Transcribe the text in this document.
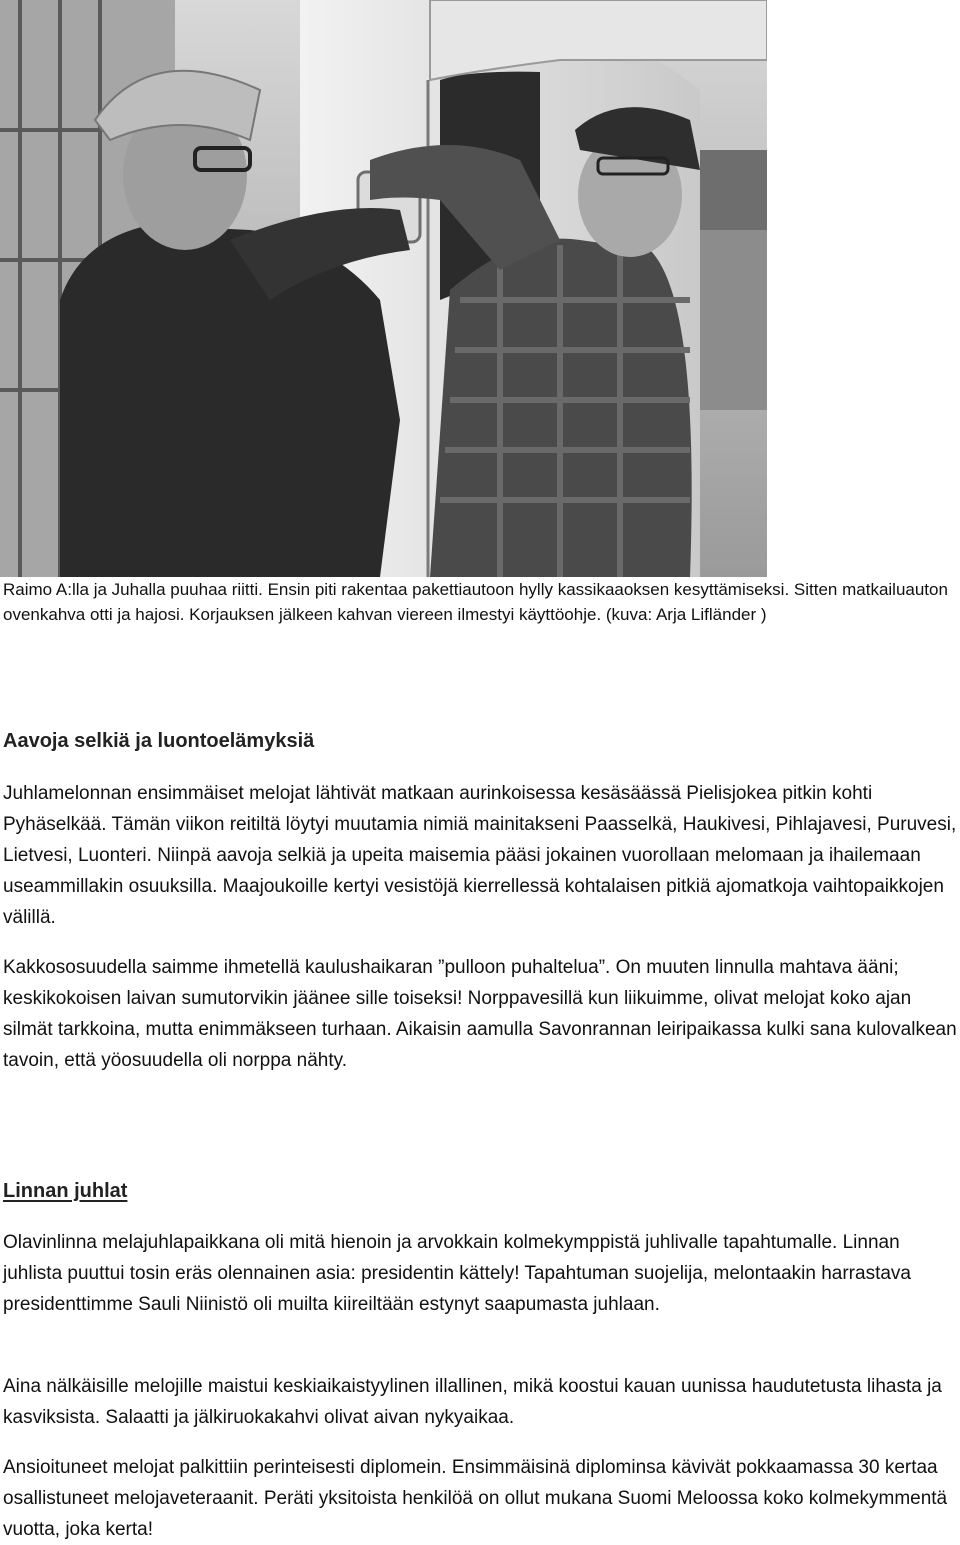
Raimo A:lla ja Juhalla puuhaa riitti. Ensin piti rakentaa pakettiautoon hylly kassikaaoksen kesyttämiseksi. Sitten matkailuauton ovenkahva otti ja hajosi. Korjauksen jälkeen kahvan viereen ilmestyi käyttöohje. (kuva: Arja Lifländer )

Aavoja selkiä ja luontoelämyksiä

Juhlamelonnan ensimmäiset melojat lähtivät matkaan aurinkoisessa kesäsäässä Pielisjokea pitkin kohti Pyhäselkää. Tämän viikon reitiltä löytyi muutamia nimiä mainitakseni Paasselkä, Haukivesi, Pihlajavesi, Puruvesi, Lietvesi, Luonteri. Niinpä aavoja selkiä ja upeita maisemia pääsi jokainen vuorollaan melomaan ja ihailemaan useammillakin osuuksilla. Maajoukoille kertyi vesistöjä kierrellessä kohtalaisen pitkiä ajomatkoja vaihtopaikkojen välillä.

Kakkososuudella saimme ihmetellä kaulushaikaran ”pulloon puhaltelua”. On muuten linnulla mahtava ääni; keskikokoisen laivan sumutorvikin jäänee sille toiseksi! Norppavesillä kun liikuimme, olivat melojat koko ajan silmät tarkkoina, mutta enimmäkseen turhaan. Aikaisin aamulla Savonrannan leiripaikassa kulki sana kulovalkean tavoin, että yöosuudella oli norppa nähty.

Linnan juhlat

Olavinlinna melajuhlapaikkana oli mitä hienoin ja arvokkain kolmekymppistä juhlivalle tapahtumalle. Linnan juhlista puuttui tosin eräs olennainen asia: presidentin kättely! Tapahtuman suojelija, melontaakin harrastava presidenttimme Sauli Niinistö oli muilta kiireiltään estynyt saapumasta juhlaan.

Aina nälkäisille melojille maistui keskiaikaistyylinen illallinen, mikä koostui kauan uunissa haudutetusta lihasta ja kasviksista. Salaatti ja jälkiruokakahvi olivat aivan nykyaikaa.

Ansioituneet melojat palkittiin perinteisesti diplomein. Ensimmäisinä diplominsa kävivät pokkaamassa 30 kertaa osallistuneet melojaveteraanit. Peräti yksitoista henkilöä on ollut mukana Suomi Meloossa koko kolmekymmentä vuotta, joka kerta!
